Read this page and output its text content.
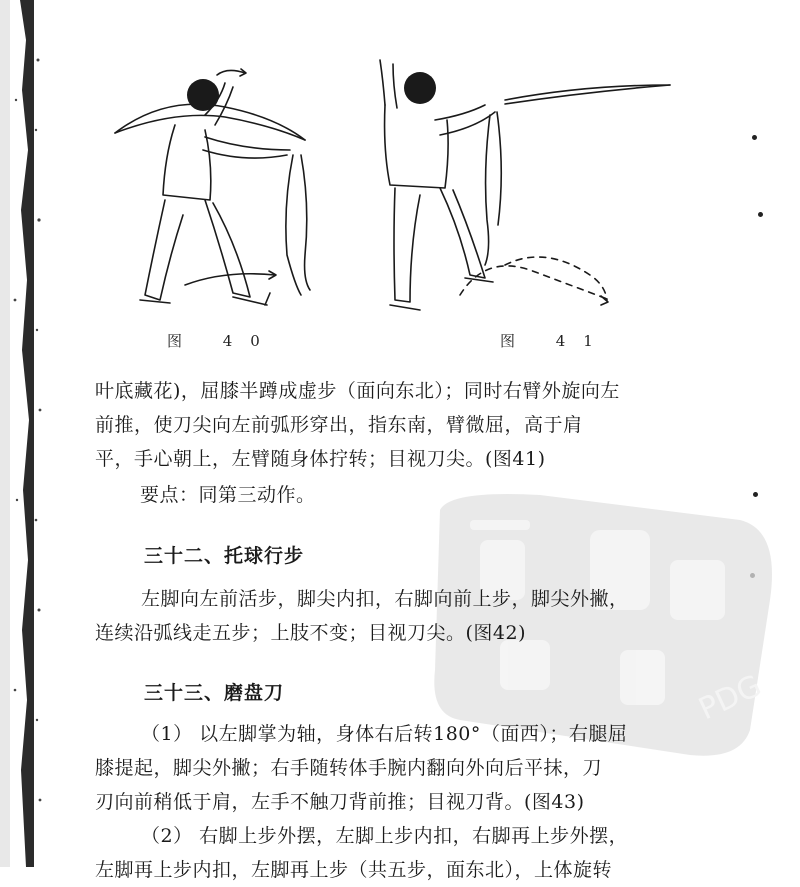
图 40	图 41
PDG
叶底藏花)，屈膝半蹲成虚步（面向东北）；同时右臂外旋向左
前推，使刀尖向左前弧形穿出，指东南，臂微屈，高于肩
平，手心朝上，左臂随身体拧转；目视刀尖。(图41)
要点：同第三动作。
三十二、托球行步
左脚向左前活步，脚尖内扣，右脚向前上步，脚尖外撇，
连续沿弧线走五步；上肢不变；目视刀尖。(图42)
三十三、磨盘刀
（1） 以左脚掌为轴，身体右后转180°（面西）；右腿屈
膝提起，脚尖外撇；右手随转体手腕内翻向外向后平抹，刀
刃向前稍低于肩，左手不触刀背前推；目视刀背。(图43)
（2） 右脚上步外摆，左脚上步内扣，右脚再上步外摆，
左脚再上步内扣，左脚再上步（共五步，面东北），上体旋转
